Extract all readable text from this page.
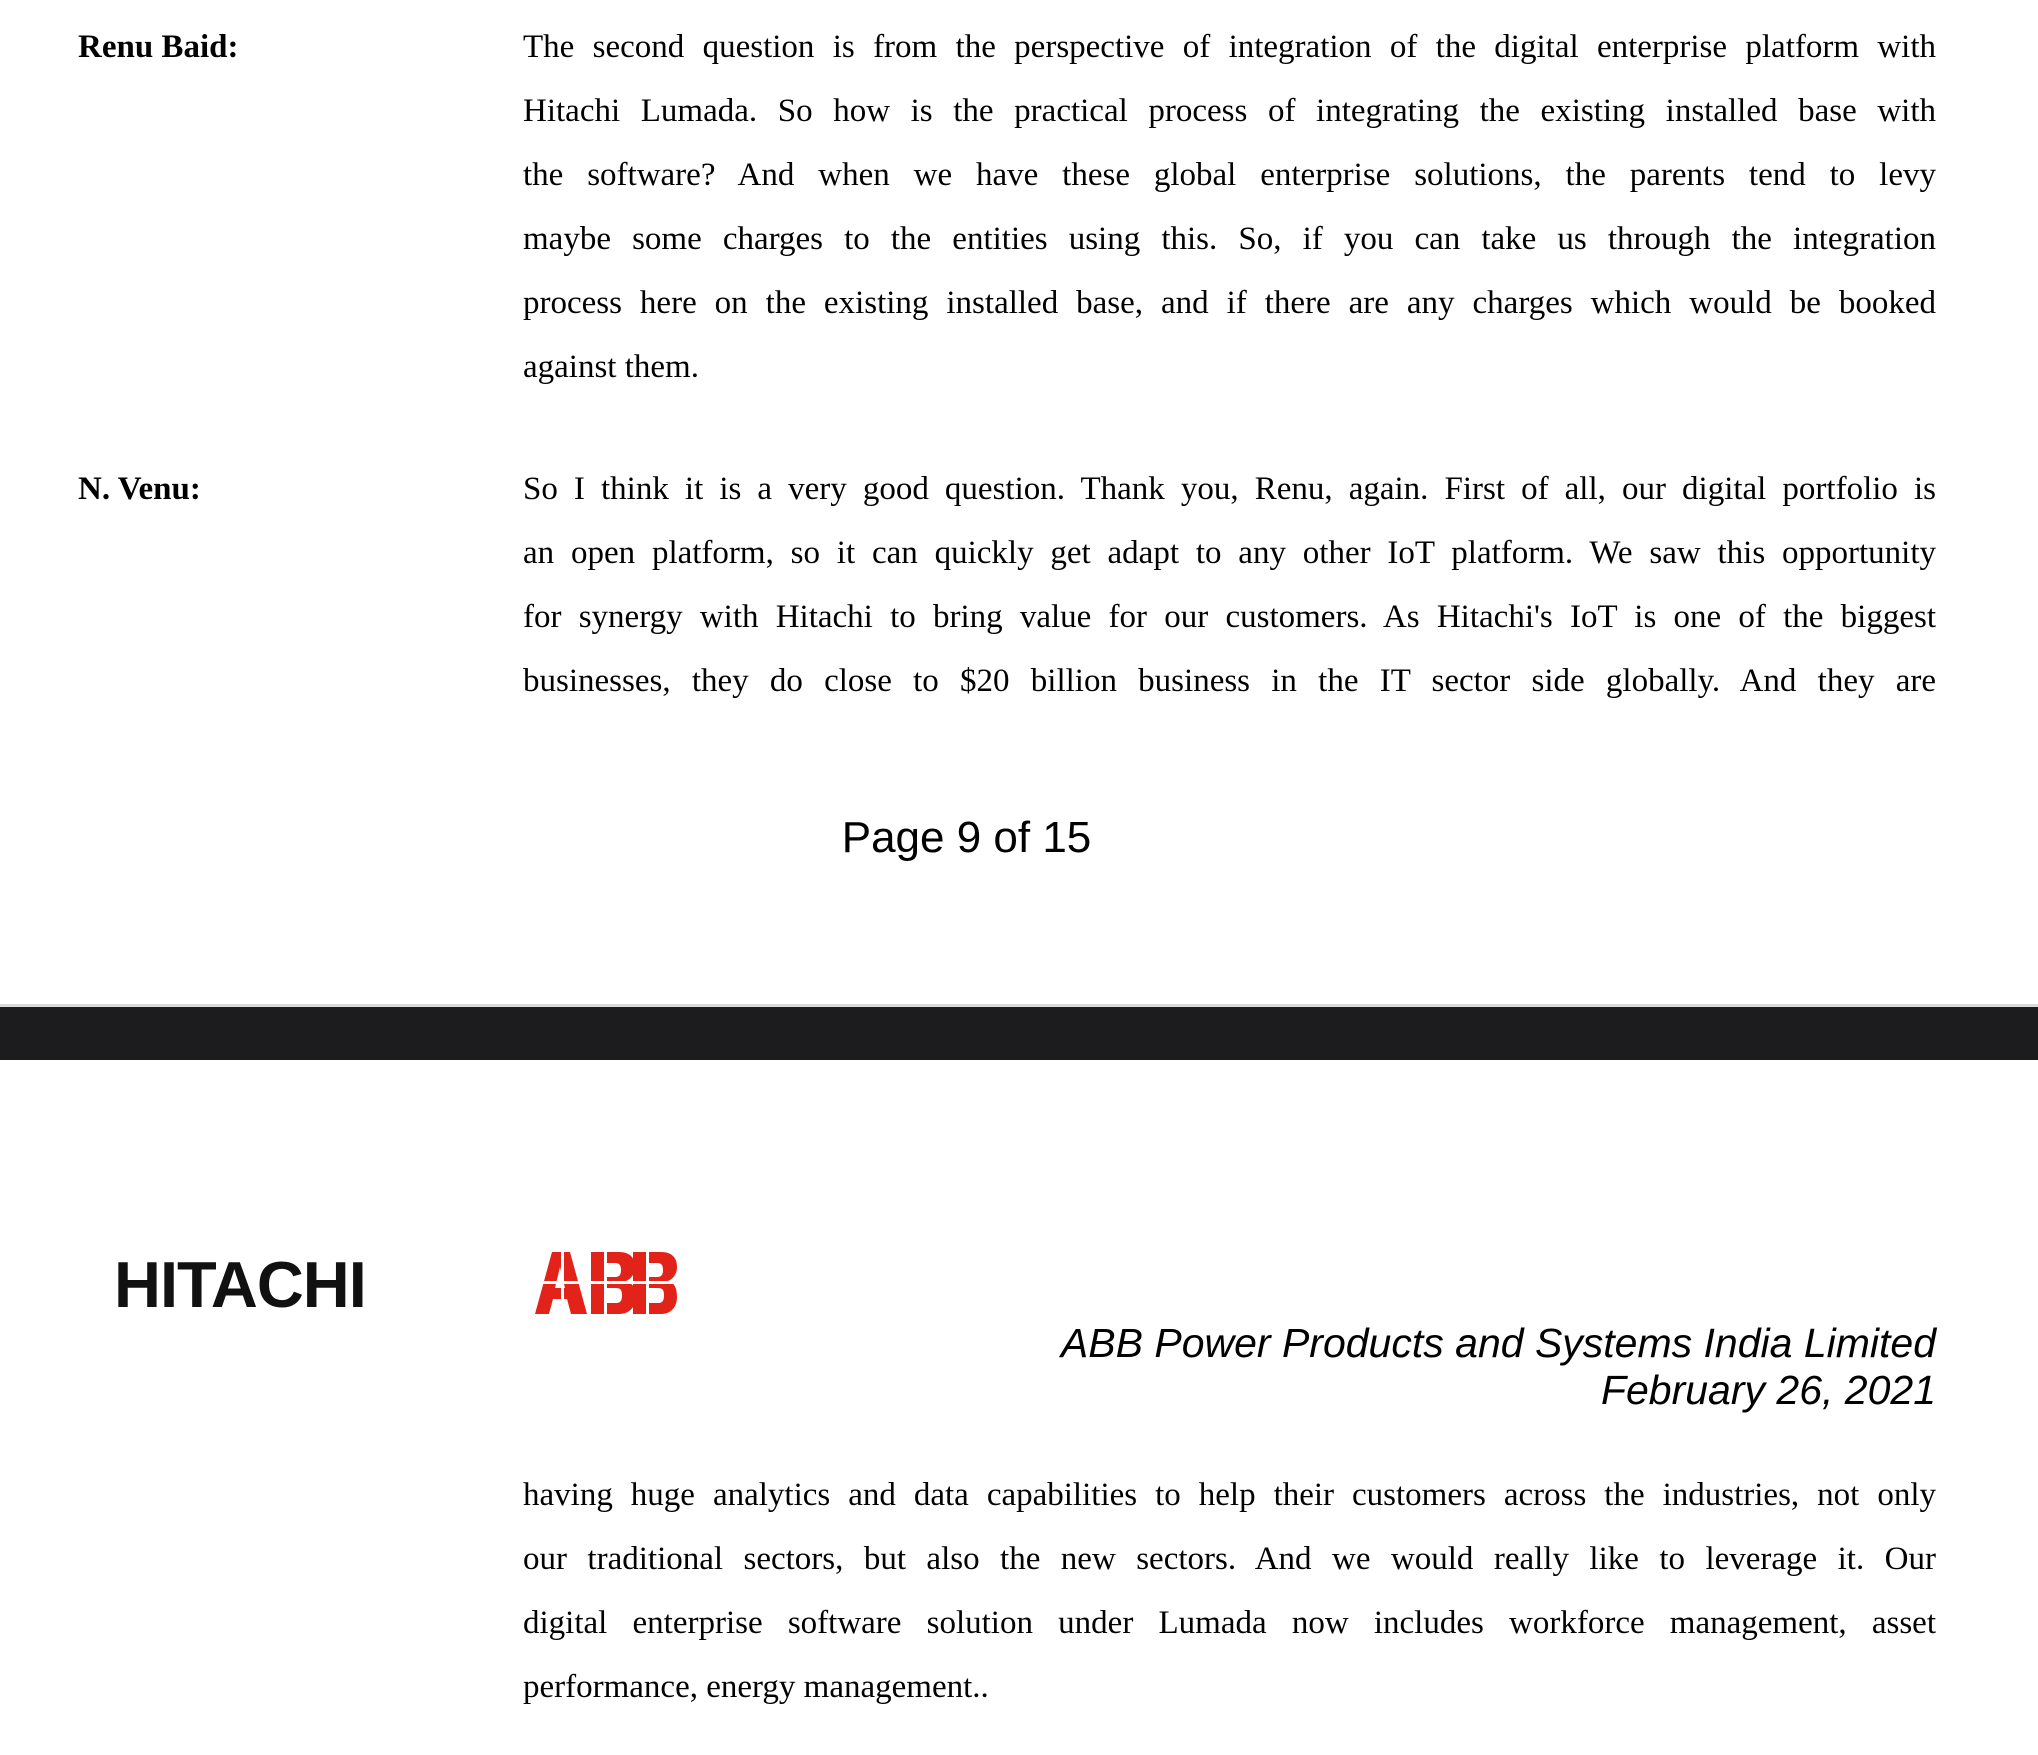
Renu Baid:	The second question is from the perspective of integration of the digital enterprise platform with
Hitachi Lumada. So how is the practical process of integrating the existing installed base with
the software? And when we have these global enterprise solutions, the parents tend to levy
maybe some charges to the entities using this. So, if you can take us through the integration
process here on the existing installed base, and if there are any charges which would be booked
against them.
N. Venu:	So I think it is a very good question. Thank you, Renu, again. First of all, our digital portfolio is
an open platform, so it can quickly get adapt to any other IoT platform. We saw this opportunity
for synergy with Hitachi to bring value for our customers. As Hitachi's IoT is one of the biggest
businesses, they do close to $20 billion business in the IT sector side globally. And they are
Page 9 of 15
HITACHI
ABB Power Products and Systems India Limited
February 26, 2021
having huge analytics and data capabilities to help their customers across the industries, not only
our traditional sectors, but also the new sectors. And we would really like to leverage it. Our
digital enterprise software solution under Lumada now includes workforce management, asset
performance, energy management..
